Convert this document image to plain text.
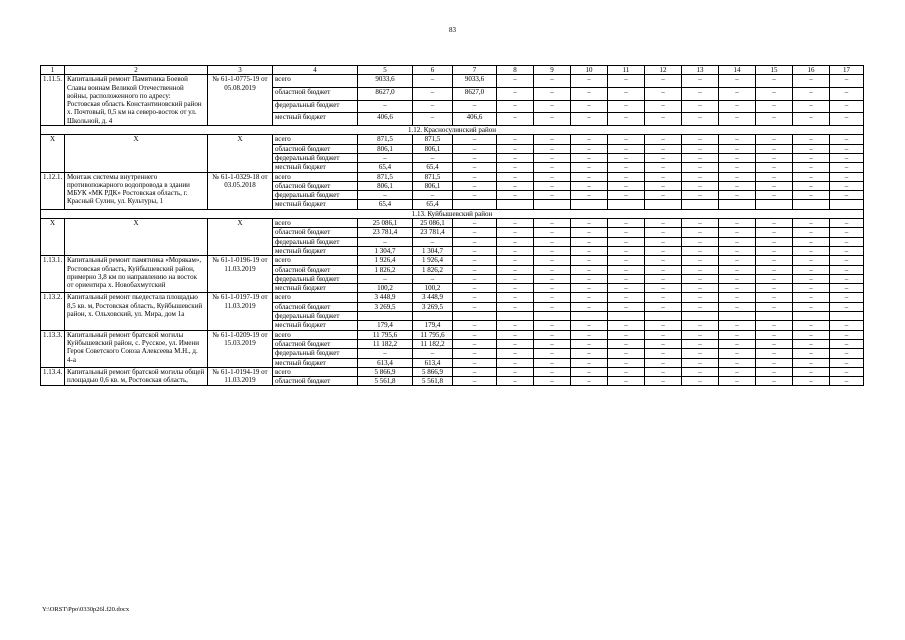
83
1	2	3	4	5	6	7	8	9	10	11	12	13	14	15	16	17
1.11.5.	Капитальный ремонт Памятника Боевой Славы воинам Великой Отечественной войны, расположенного по адресу: Ростовская область Константиновский район х. Почтовый, 0,5 км на северо-восток от ул. Школьной, д. 4	№ 61-1-0775-19 от 05.08.2019	всего	9033,6	–	9033,6	–	–	–	–	–	–	–	–	–	–
			областной бюджет	8627,0	–	8627,0	–	–	–	–	–	–	–	–	–	–
			федеральный бюджет	–	–	–	–	–	–	–	–	–	–	–	–	–
			местный бюджет	406,6	–	406,6	–	–	–	–	–	–	–	–	–	–
1.12. Красносулинский район																
Х	Х	Х	всего	871,5	871,5	–	–	–	–	–	–	–	–	–	–	–
			областной бюджет	806,1	806,1	–	–	–	–	–	–	–	–	–	–	–
			федеральный бюджет	–	–	–	–	–	–	–	–	–	–	–	–	–
			местный бюджет	65,4	65,4	–	–	–	–	–	–	–	–	–	–	–
1.12.1.	Монтаж системы внутреннего противопожарного водопровода в здании МБУК «МК РДК» Ростовская область, г. Красный Сулин, ул. Культуры, 1	№ 61-1-0329-18 от 03.05.2018	всего	871,5	871,5	–	–	–	–	–	–	–	–	–	–	–
			областной бюджет	806,1	806,1	–	–	–	–	–	–	–	–	–	–	–
			федеральный бюджет	–	–	–	–	–	–	–	–	–	–	–	–	–
			местный бюджет	65,4	65,4											
1.13. Куйбышевский район																
Х	Х	Х	всего	25 086,1	25 086,1	–	–	–	–	–	–	–	–	–	–	–
			областной бюджет	23 781,4	23 781,4	–	–	–	–	–	–	–	–	–	–	–
			федеральный бюджет	–	–	–	–	–	–	–	–	–	–	–	–	–
			местный бюджет	1 304,7	1 304,7	–	–	–	–	–	–	–	–	–	–	–
1.13.1.	Капитальный ремонт памятника «Морякам», Ростовская область, Куйбышевский район, примерно 3,8 км по направлению на восток от ориентира х. Новобахмутский	№ 61-1-0196-19 от 11.03.2019	всего	1 926,4	1 926,4	–	–	–	–	–	–	–	–	–	–	–
			областной бюджет	1 826,2	1 826,2	–	–	–	–	–	–	–	–	–	–	–
			федеральный бюджет	–	–	–	–	–	–	–	–	–	–	–	–	–
			местный бюджет	100,2	100,2	–	–	–	–	–	–	–	–	–	–	–
1.13.2.	Капитальный ремонт пьедестала площадью 8,5 кв. м, Ростовская область, Куйбышевский район, х. Ольховский, ул. Мира, дом 1а	№ 61-1-0197-19 от 11.03.2019	всего	3 448,9	3 448,9	–	–	–	–	–	–	–	–	–	–	–
			областной бюджет	3 269,5	3 269,5	–	–	–	–	–	–	–	–	–	–	–
			федеральный бюджет													
			местный бюджет	179,4	179,4	–	–	–	–	–	–	–	–	–	–	–
1.13.3.	Капитальный ремонт братской могилы Куйбышевский район, с. Русское, ул. Имени Героя Советского Союза Алексеева М.Н., д. 4-а	№ 61-1-0209-19 от 15.03.2019	всего	11 795,6	11 795,6	–	–	–	–	–	–	–	–	–	–	–
			областной бюджет	11 182,2	11 182,2	–	–	–	–	–	–	–	–	–	–	–
			федеральный бюджет	–	–	–	–	–	–	–	–	–	–	–	–	–
			местный бюджет	613,4	613,4	–	–	–	–	–	–	–	–	–	–	–
1.13.4.	Капитальный ремонт братской могилы общей площадью 0,6 кв. м, Ростовская область,	№ 61-1-0194-19 от 11.03.2019	всего	5 866,9	5 866,9	–	–	–	–	–	–	–	–	–	–	–
			областной бюджет	5 561,8	5 561,8	–	–	–	–	–	–	–	–	–	–	–
Y:\ORST\Ppo\0330p26l.f20.docx
